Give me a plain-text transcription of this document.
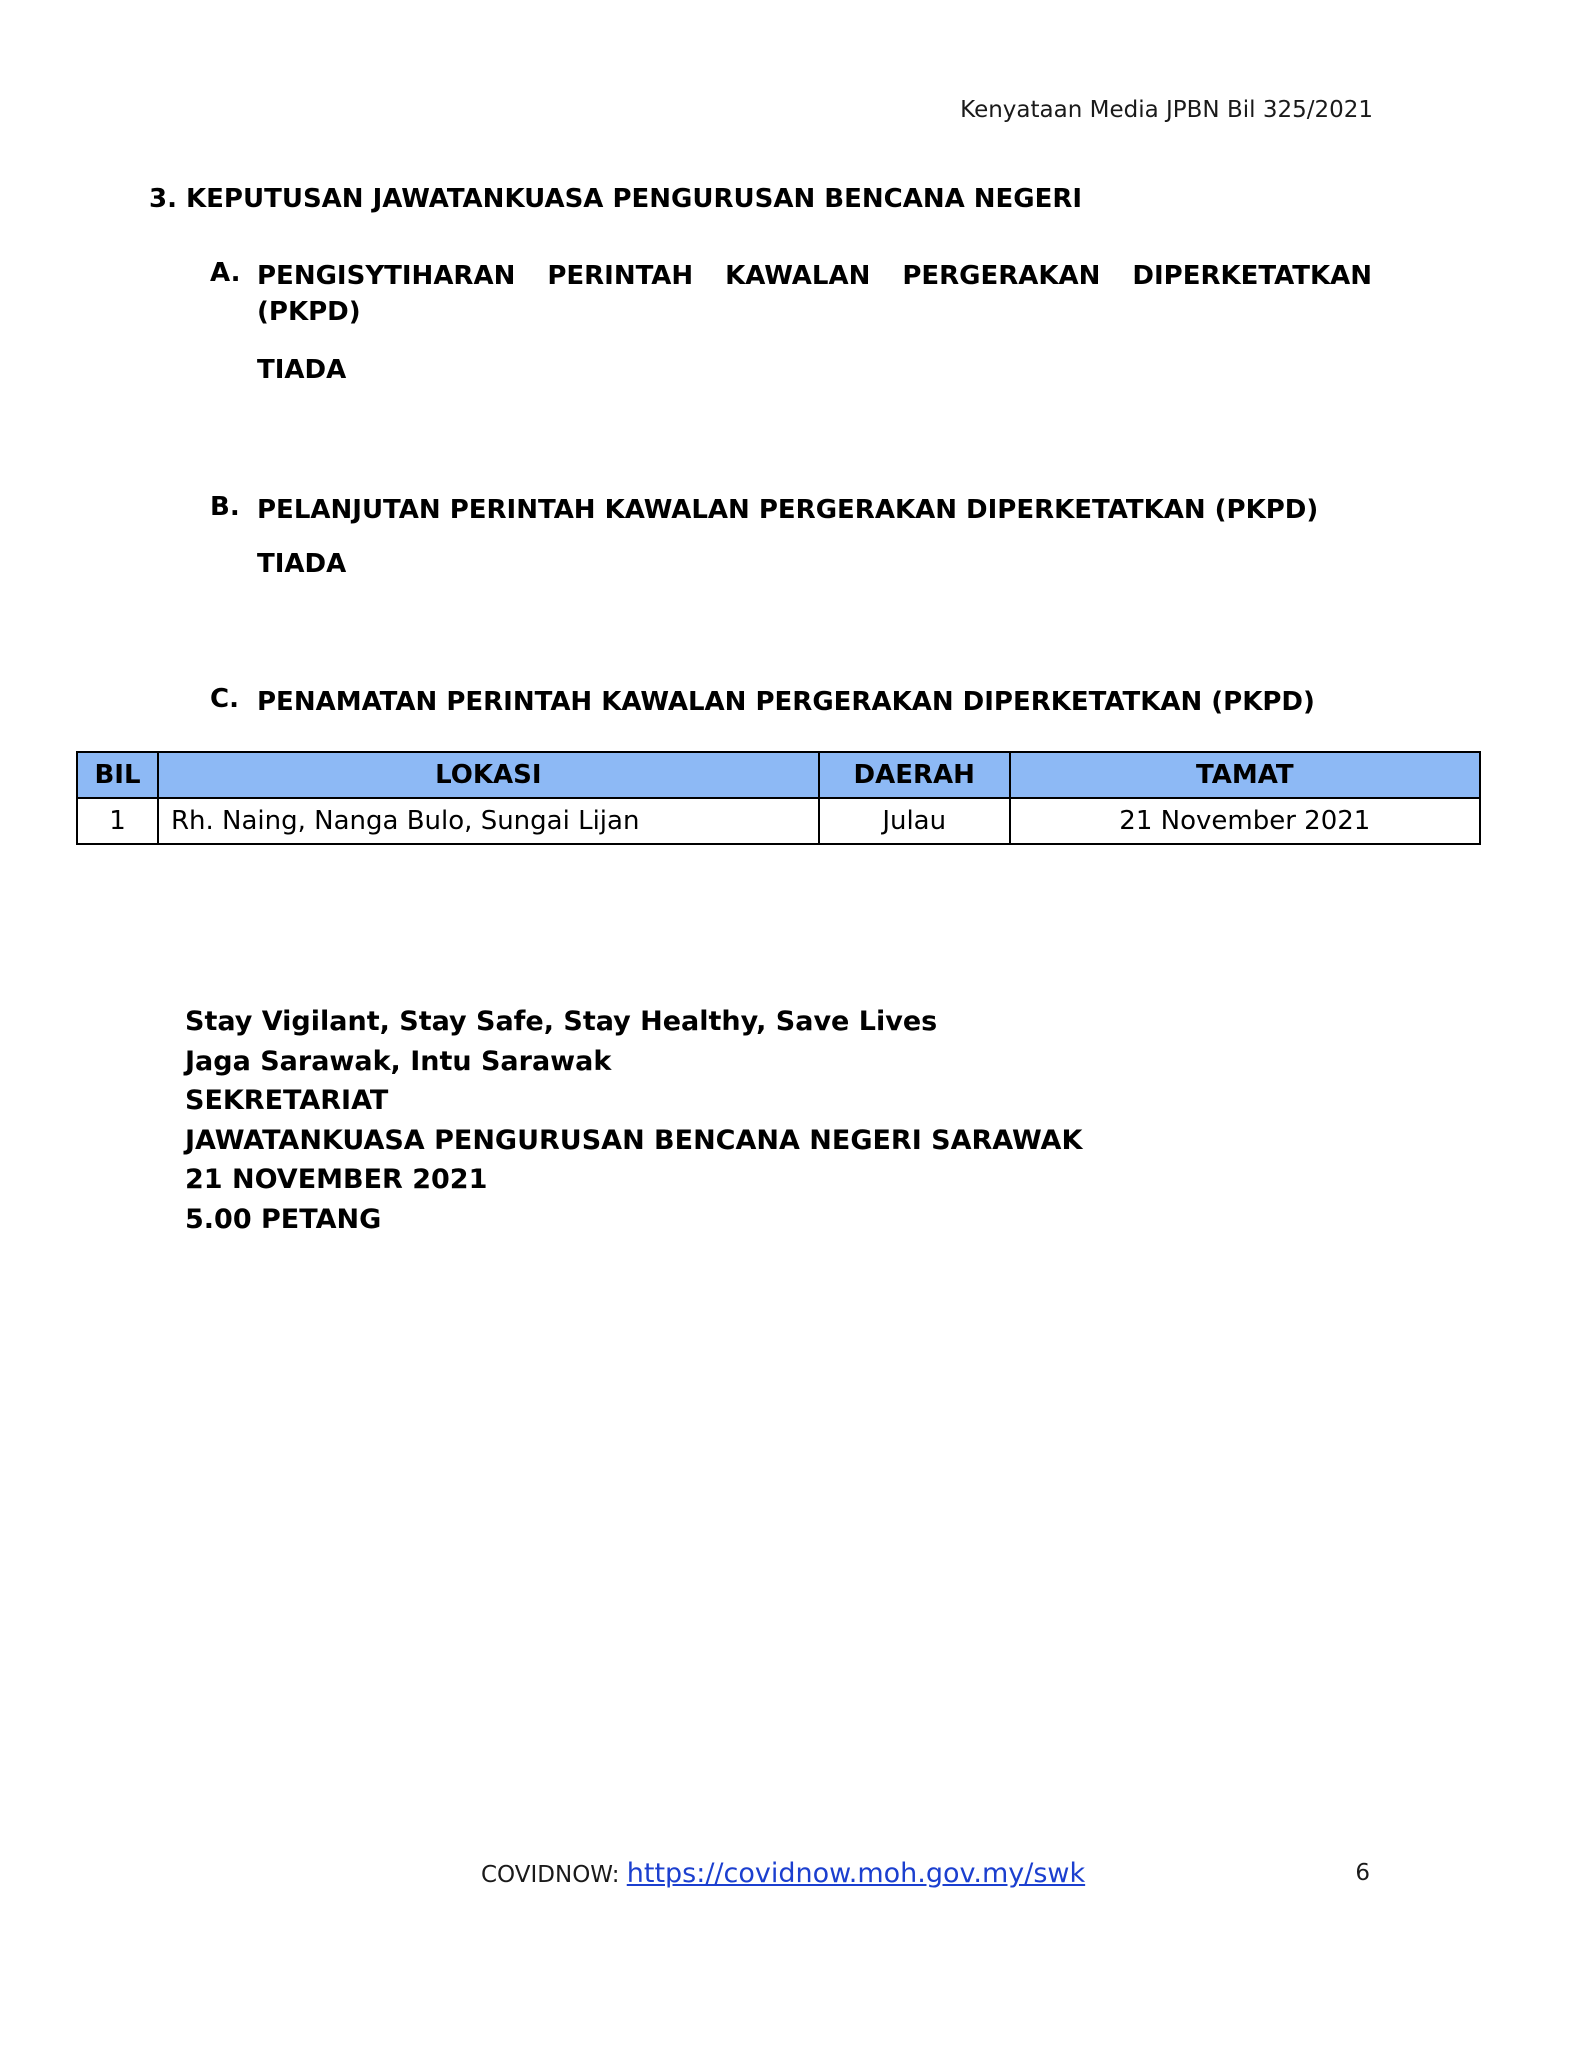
Kenyataan Media JPBN Bil 325/2021
3. KEPUTUSAN JAWATANKUASA PENGURUSAN BENCANA NEGERI
A. PENGISYTIHARAN PERINTAH KAWALAN PERGERAKAN DIPERKETATKAN (PKPD)
TIADA
B. PELANJUTAN PERINTAH KAWALAN PERGERAKAN DIPERKETATKAN (PKPD)
TIADA
C. PENAMATAN PERINTAH KAWALAN PERGERAKAN DIPERKETATKAN (PKPD)
BIL	LOKASI	DAERAH	TAMAT
1	Rh. Naing, Nanga Bulo, Sungai Lijan	Julau	21 November 2021
Stay Vigilant, Stay Safe, Stay Healthy, Save Lives
Jaga Sarawak, Intu Sarawak
SEKRETARIAT
JAWATANKUASA PENGURUSAN BENCANA NEGERI SARAWAK
21 NOVEMBER 2021
5.00 PETANG
COVIDNOW: https://covidnow.moh.gov.my/swk	6
